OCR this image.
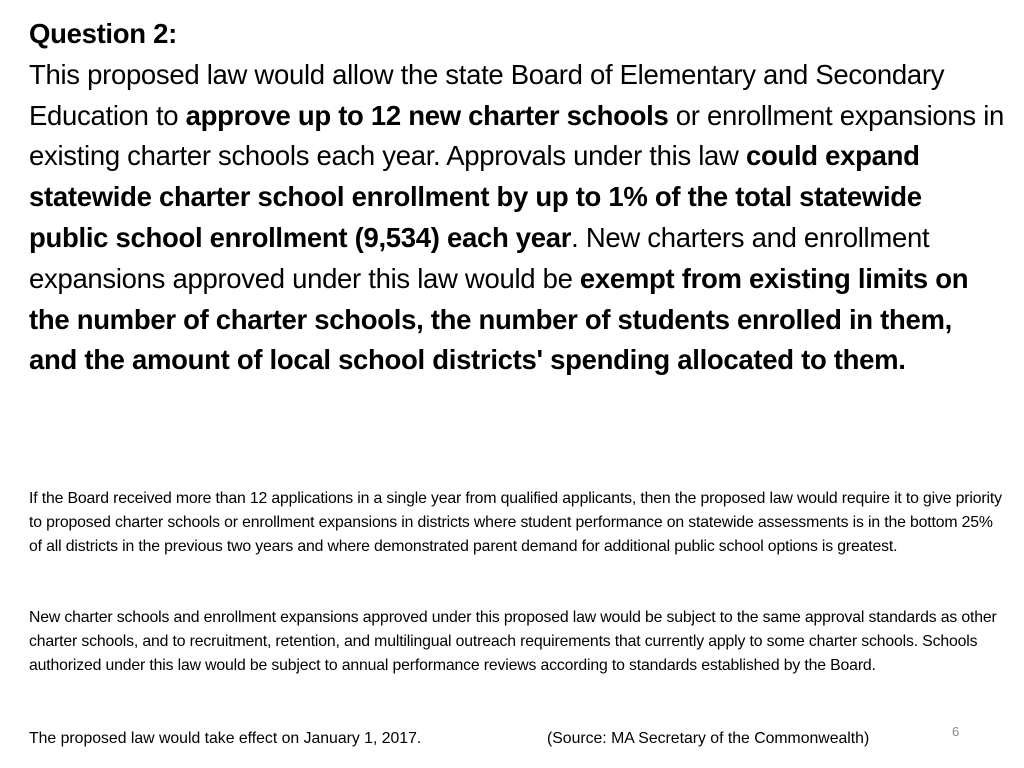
Question 2:
This proposed law would allow the state Board of Elementary and Secondary Education to approve up to 12 new charter schools or enrollment expansions in existing charter schools each year. Approvals under this law could expand statewide charter school enrollment by up to 1% of the total statewide public school enrollment (9,534) each year. New charters and enrollment expansions approved under this law would be exempt from existing limits on the number of charter schools, the number of students enrolled in them, and the amount of local school districts' spending allocated to them.
If the Board received more than 12 applications in a single year from qualified applicants, then the proposed law would require it to give priority to proposed charter schools or enrollment expansions in districts where student performance on statewide assessments is in the bottom 25% of all districts in the previous two years and where demonstrated parent demand for additional public school options is greatest.
New charter schools and enrollment expansions approved under this proposed law would be subject to the same approval standards as other charter schools, and to recruitment, retention, and multilingual outreach requirements that currently apply to some charter schools. Schools authorized under this law would be subject to annual performance reviews according to standards established by the Board.
The proposed law would take effect on January 1, 2017.	(Source: MA Secretary of the Commonwealth)	6
